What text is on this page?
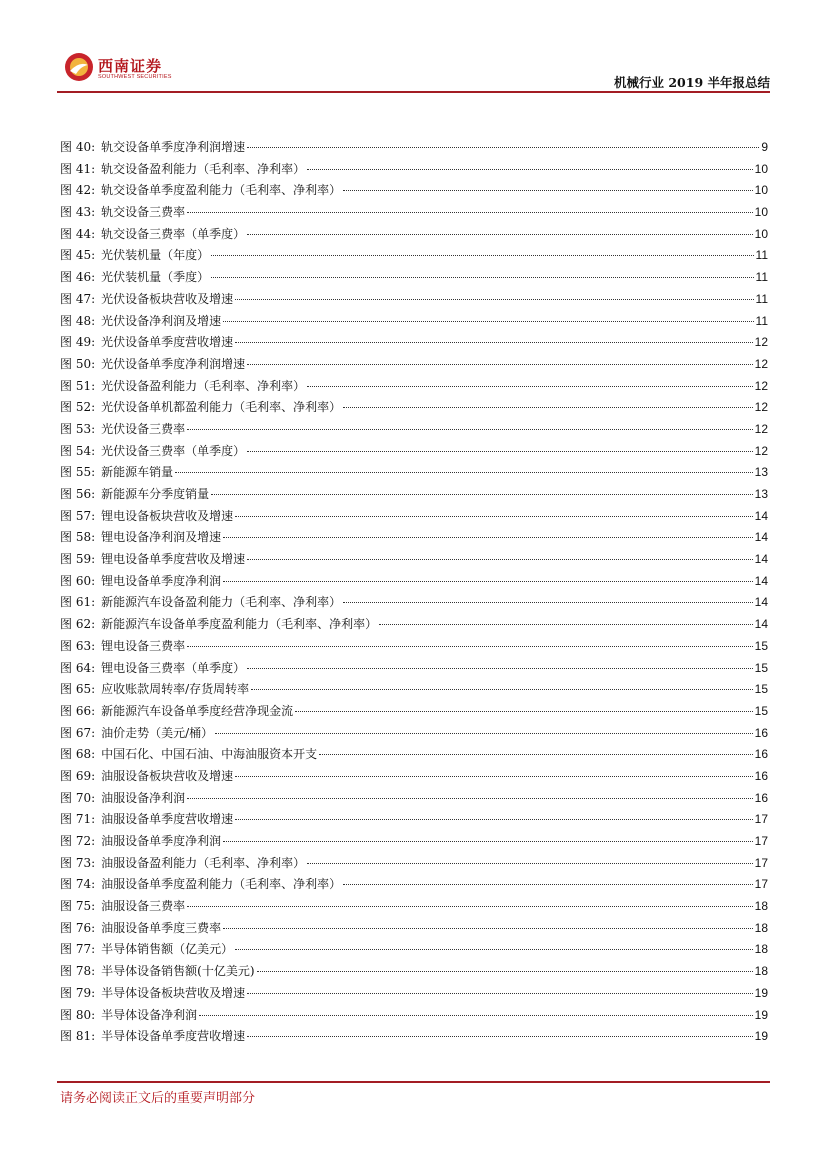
西南证券
SOUTHWEST SECURITIES	机械行业 2019 半年报总结
图 40: 轨交设备单季度净利润增速	9
图 41: 轨交设备盈利能力（毛利率、净利率）	10
图 42: 轨交设备单季度盈利能力（毛利率、净利率）	10
图 43: 轨交设备三费率	10
图 44: 轨交设备三费率（单季度）	10
图 45: 光伏装机量（年度）	11
图 46: 光伏装机量（季度）	11
图 47: 光伏设备板块营收及增速	11
图 48: 光伏设备净利润及增速	11
图 49: 光伏设备单季度营收增速	12
图 50: 光伏设备单季度净利润增速	12
图 51: 光伏设备盈利能力（毛利率、净利率）	12
图 52: 光伏设备单机都盈利能力（毛利率、净利率）	12
图 53: 光伏设备三费率	12
图 54: 光伏设备三费率（单季度）	12
图 55: 新能源车销量	13
图 56: 新能源车分季度销量	13
图 57: 锂电设备板块营收及增速	14
图 58: 锂电设备净利润及增速	14
图 59: 锂电设备单季度营收及增速	14
图 60: 锂电设备单季度净利润	14
图 61: 新能源汽车设备盈利能力（毛利率、净利率）	14
图 62: 新能源汽车设备单季度盈利能力（毛利率、净利率）	14
图 63: 锂电设备三费率	15
图 64: 锂电设备三费率（单季度）	15
图 65: 应收账款周转率/存货周转率	15
图 66: 新能源汽车设备单季度经营净现金流	15
图 67: 油价走势（美元/桶）	16
图 68: 中国石化、中国石油、中海油服资本开支	16
图 69: 油服设备板块营收及增速	16
图 70: 油服设备净利润	16
图 71: 油服设备单季度营收增速	17
图 72: 油服设备单季度净利润	17
图 73: 油服设备盈利能力（毛利率、净利率）	17
图 74: 油服设备单季度盈利能力（毛利率、净利率）	17
图 75: 油服设备三费率	18
图 76: 油服设备单季度三费率	18
图 77: 半导体销售额（亿美元）	18
图 78: 半导体设备销售额(十亿美元)	18
图 79: 半导体设备板块营收及增速	19
图 80: 半导体设备净利润	19
图 81: 半导体设备单季度营收增速	19
请务必阅读正文后的重要声明部分
